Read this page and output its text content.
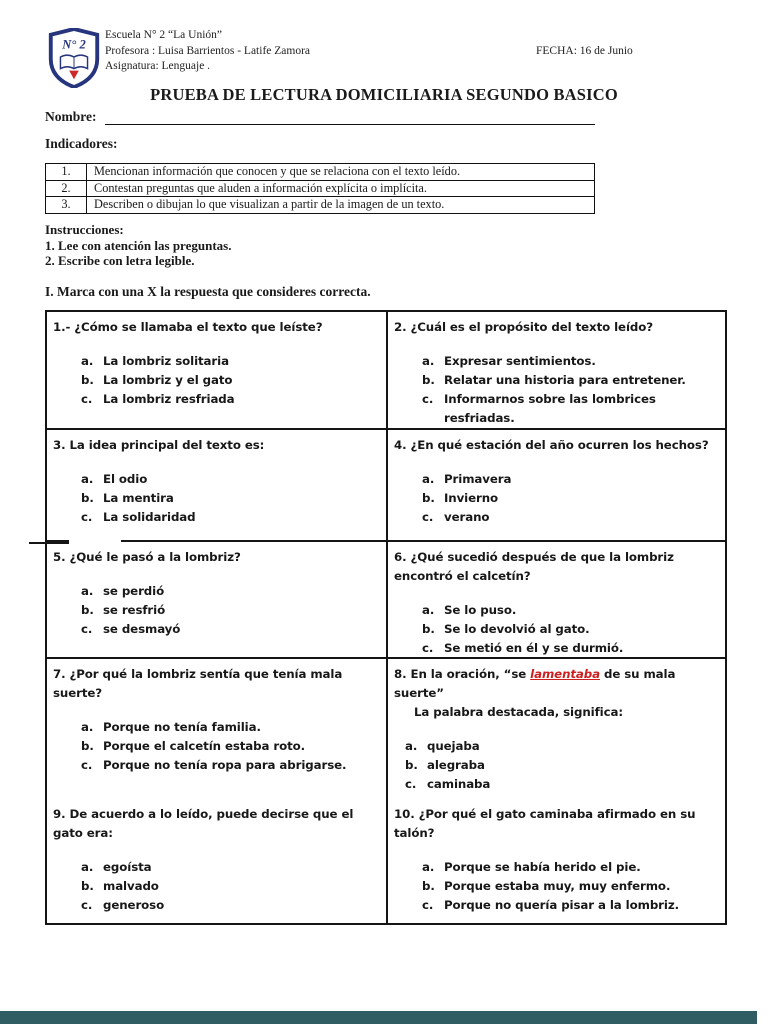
N° 2
Escuela N° 2 “La Unión”
Profesora : Luisa Barrientos - Latife Zamora
Asignatura: Lenguaje .
FECHA: 16 de Junio
PRUEBA DE LECTURA DOMICILIARIA SEGUNDO BASICO
Nombre:
Indicadores:
1.	Mencionan información que conocen y que se relaciona con el texto leído.
2.	Contestan preguntas que aluden a información explícita o implícita.
3.	Describen o dibujan lo que visualizan a partir de la imagen de un texto.
Instrucciones:
1. Lee con atención las preguntas.
2. Escribe con letra legible.
I. Marca con una X la respuesta que consideres correcta.
1.- ¿Cómo se llamaba el texto que leíste?
a. La lombriz solitaria
b. La lombriz y el gato
c. La lombriz resfriada
2. ¿Cuál es el propósito del texto leído?
a. Expresar sentimientos.
b. Relatar una historia para entretener.
c. Informarnos sobre las lombrices resfriadas.
3. La idea principal del texto es:
a. El odio
b. La mentira
c. La solidaridad
4. ¿En qué estación del año ocurren los hechos?
a. Primavera
b. Invierno
c. verano
5. ¿Qué le pasó a la lombriz?
a. se perdió
b. se resfrió
c. se desmayó
6. ¿Qué sucedió después de que la lombriz encontró el calcetín?
a. Se lo puso.
b. Se lo devolvió al gato.
c. Se metió en él y se durmió.
7. ¿Por qué la lombriz sentía que tenía mala suerte?
a. Porque no tenía familia.
b. Porque el calcetín estaba roto.
c. Porque no tenía ropa para abrigarse.
8. En la oración, “se lamentaba de su mala suerte”
La palabra destacada, significa:
a. quejaba
b. alegraba
c. caminaba
9. De acuerdo a lo leído, puede decirse que el gato era:
a. egoísta
b. malvado
c. generoso
10. ¿Por qué el gato caminaba afirmado en su talón?
a. Porque se había herido el pie.
b. Porque estaba muy, muy enfermo.
c. Porque no quería pisar a la lombriz.
